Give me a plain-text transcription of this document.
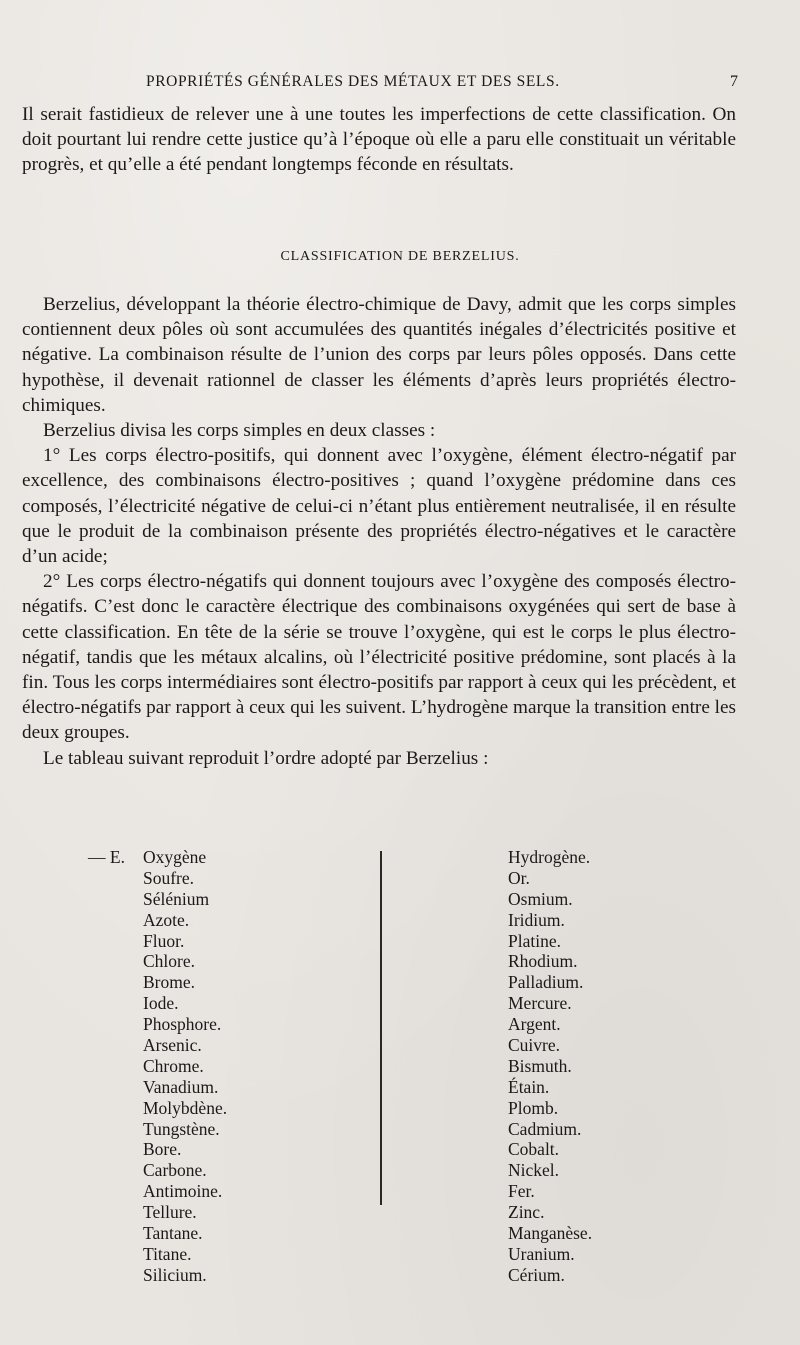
PROPRIÉTÉS GÉNÉRALES DES MÉTAUX ET DES SELS.	7

Il serait fastidieux de relever une à une toutes les imperfections de cette classification. On doit pourtant lui rendre cette justice qu’à l’époque où elle a paru elle constituait un véritable progrès, et qu’elle a été pendant longtemps féconde en résultats.

CLASSIFICATION DE BERZELIUS.

Berzelius, développant la théorie électro-chimique de Davy, admit que les corps simples contiennent deux pôles où sont accumulées des quantités inégales d’électricités positive et négative. La combinaison résulte de l’union des corps par leurs pôles opposés. Dans cette hypothèse, il devenait rationnel de classer les éléments d’après leurs propriétés électro-chimiques.

Berzelius divisa les corps simples en deux classes :

1° Les corps électro-positifs, qui donnent avec l’oxygène, élément électro-négatif par excellence, des combinaisons électro-positives ; quand l’oxygène prédomine dans ces composés, l’électricité négative de celui-ci n’étant plus entièrement neutralisée, il en résulte que le produit de la combinaison présente des propriétés électro-négatives et le caractère d’un acide;

2° Les corps électro-négatifs qui donnent toujours avec l’oxygène des composés électro-négatifs. C’est donc le caractère électrique des combinaisons oxygénées qui sert de base à cette classification. En tête de la série se trouve l’oxygène, qui est le corps le plus électro-négatif, tandis que les métaux alcalins, où l’électricité positive prédomine, sont placés à la fin. Tous les corps intermédiaires sont électro-positifs par rapport à ceux qui les précèdent, et électro-négatifs par rapport à ceux qui les suivent. L’hydrogène marque la transition entre les deux groupes.

Le tableau suivant reproduit l’ordre adopté par Berzelius :

— E. Oxygène
Soufre.
Sélénium
Azote.
Fluor.
Chlore.
Brome.
Iode.
Phosphore.
Arsenic.
Chrome.
Vanadium.
Molybdène.
Tungstène.
Bore.
Carbone.
Antimoine.
Tellure.
Tantane.
Titane.
Silicium.
Hydrogène.
Or.
Osmium.
Iridium.
Platine.
Rhodium.
Palladium.
Mercure.
Argent.
Cuivre.
Bismuth.
Étain.
Plomb.
Cadmium.
Cobalt.
Nickel.
Fer.
Zinc.
Manganèse.
Uranium.
Cérium.
